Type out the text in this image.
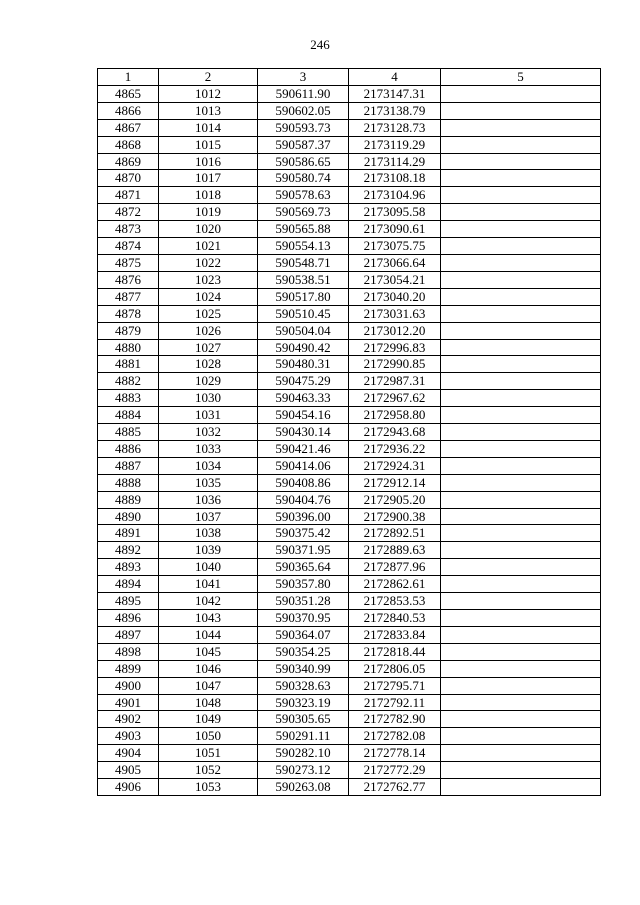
246
1	2	3	4	5
4865	1012	590611.90	2173147.31	
4866	1013	590602.05	2173138.79	
4867	1014	590593.73	2173128.73	
4868	1015	590587.37	2173119.29	
4869	1016	590586.65	2173114.29	
4870	1017	590580.74	2173108.18	
4871	1018	590578.63	2173104.96	
4872	1019	590569.73	2173095.58	
4873	1020	590565.88	2173090.61	
4874	1021	590554.13	2173075.75	
4875	1022	590548.71	2173066.64	
4876	1023	590538.51	2173054.21	
4877	1024	590517.80	2173040.20	
4878	1025	590510.45	2173031.63	
4879	1026	590504.04	2173012.20	
4880	1027	590490.42	2172996.83	
4881	1028	590480.31	2172990.85	
4882	1029	590475.29	2172987.31	
4883	1030	590463.33	2172967.62	
4884	1031	590454.16	2172958.80	
4885	1032	590430.14	2172943.68	
4886	1033	590421.46	2172936.22	
4887	1034	590414.06	2172924.31	
4888	1035	590408.86	2172912.14	
4889	1036	590404.76	2172905.20	
4890	1037	590396.00	2172900.38	
4891	1038	590375.42	2172892.51	
4892	1039	590371.95	2172889.63	
4893	1040	590365.64	2172877.96	
4894	1041	590357.80	2172862.61	
4895	1042	590351.28	2172853.53	
4896	1043	590370.95	2172840.53	
4897	1044	590364.07	2172833.84	
4898	1045	590354.25	2172818.44	
4899	1046	590340.99	2172806.05	
4900	1047	590328.63	2172795.71	
4901	1048	590323.19	2172792.11	
4902	1049	590305.65	2172782.90	
4903	1050	590291.11	2172782.08	
4904	1051	590282.10	2172778.14	
4905	1052	590273.12	2172772.29	
4906	1053	590263.08	2172762.77	
